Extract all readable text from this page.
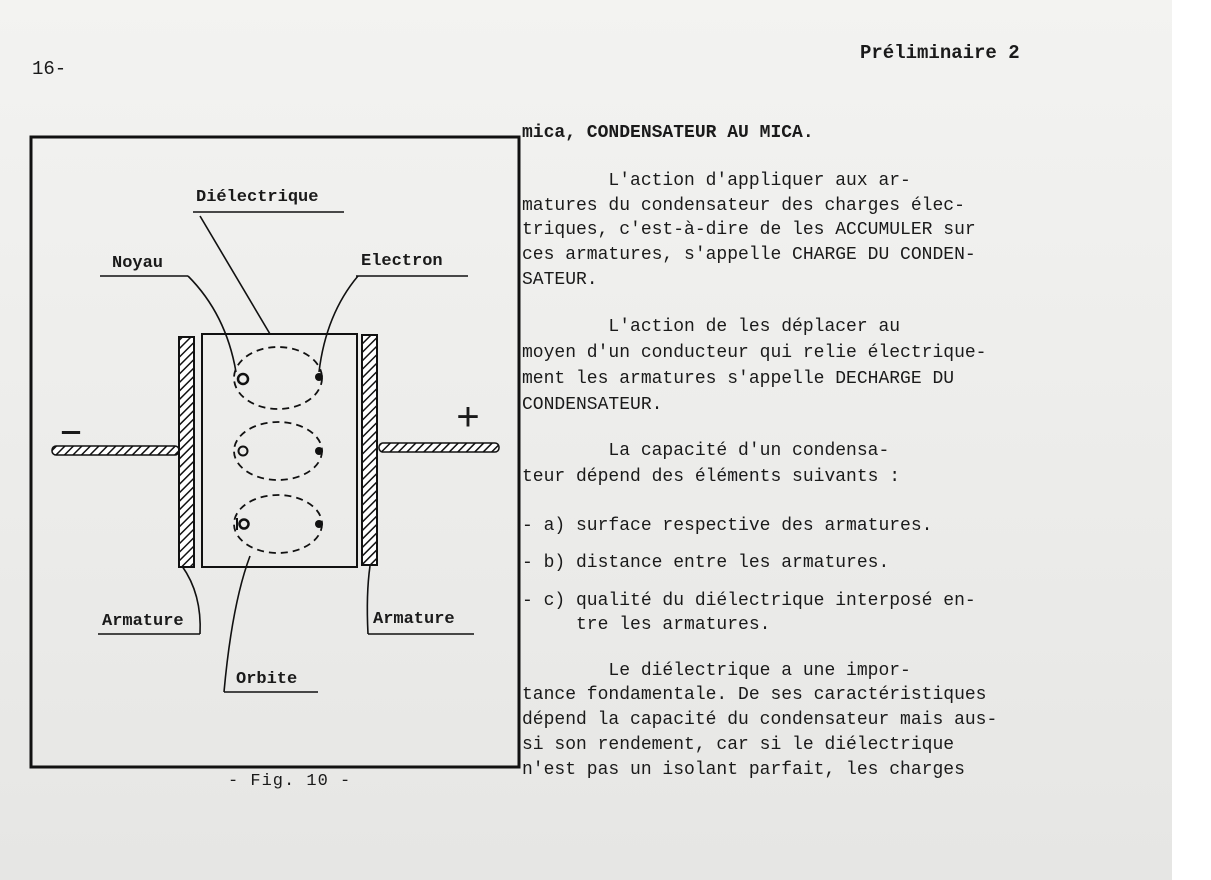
16-
Préliminaire 2
Diélectrique
Noyau	Electron
—	+
Armature	Armature
Orbite
- Fig. 10 -
mica, CONDENSATEUR AU MICA.
L'action d'appliquer aux ar-
matures du condensateur des charges élec-
triques, c'est-à-dire de les ACCUMULER sur
ces armatures, s'appelle CHARGE DU CONDEN-
SATEUR.
L'action de les déplacer au
moyen d'un conducteur qui relie électrique-
ment les armatures s'appelle DECHARGE DU
CONDENSATEUR.
La capacité d'un condensa-
teur dépend des éléments suivants :
- a) surface respective des armatures.
- b) distance entre les armatures.
- c) qualité du diélectrique interposé en-
tre les armatures.
Le diélectrique a une impor-
tance fondamentale. De ses caractéristiques
dépend la capacité du condensateur mais aus-
si son rendement, car si le diélectrique
n'est pas un isolant parfait, les charges
